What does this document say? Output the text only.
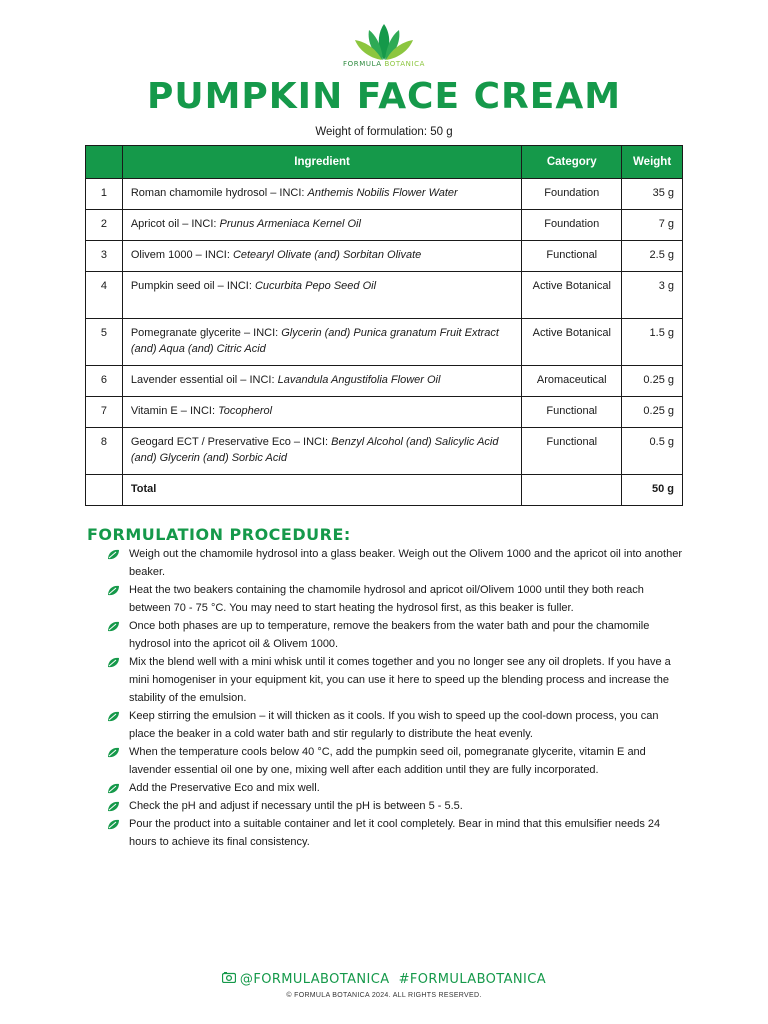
FORMULA BOTANICA
PUMPKIN FACE CREAM
Weight of formulation: 50 g
	Ingredient	Category	Weight
1	Roman chamomile hydrosol – INCI: Anthemis Nobilis Flower Water	Foundation	35 g
2	Apricot oil – INCI: Prunus Armeniaca Kernel Oil	Foundation	7 g
3	Olivem 1000 – INCI: Cetearyl Olivate (and) Sorbitan Olivate	Functional	2.5 g
4	Pumpkin seed oil – INCI: Cucurbita Pepo Seed Oil	Active Botanical	3 g
5	Pomegranate glycerite – INCI: Glycerin (and) Punica granatum Fruit Extract (and) Aqua (and) Citric Acid	Active Botanical	1.5 g
6	Lavender essential oil – INCI: Lavandula Angustifolia Flower Oil	Aromaceutical	0.25 g
7	Vitamin E – INCI: Tocopherol	Functional	0.25 g
8	Geogard ECT / Preservative Eco – INCI: Benzyl Alcohol (and) Salicylic Acid (and) Glycerin (and) Sorbic Acid	Functional	0.5 g
	Total		50 g
FORMULATION PROCEDURE:
Weigh out the chamomile hydrosol into a glass beaker. Weigh out the Olivem 1000 and the apricot oil into another beaker.
Heat the two beakers containing the chamomile hydrosol and apricot oil/Olivem 1000 until they both reach between 70 - 75 °C. You may need to start heating the hydrosol first, as this beaker is fuller.
Once both phases are up to temperature, remove the beakers from the water bath and pour the chamomile hydrosol into the apricot oil & Olivem 1000.
Mix the blend well with a mini whisk until it comes together and you no longer see any oil droplets. If you have a mini homogeniser in your equipment kit, you can use it here to speed up the blending process and increase the stability of the emulsion.
Keep stirring the emulsion – it will thicken as it cools. If you wish to speed up the cool-down process, you can place the beaker in a cold water bath and stir regularly to distribute the heat evenly.
When the temperature cools below 40 °C, add the pumpkin seed oil, pomegranate glycerite, vitamin E and lavender essential oil one by one, mixing well after each addition until they are fully incorporated.
Add the Preservative Eco and mix well.
Check the pH and adjust if necessary until the pH is between 5 - 5.5.
Pour the product into a suitable container and let it cool completely. Bear in mind that this emulsifier needs 24 hours to achieve its final consistency.
@FORMULABOTANICA  #FORMULABOTANICA
© FORMULA BOTANICA 2024. ALL RIGHTS RESERVED.
